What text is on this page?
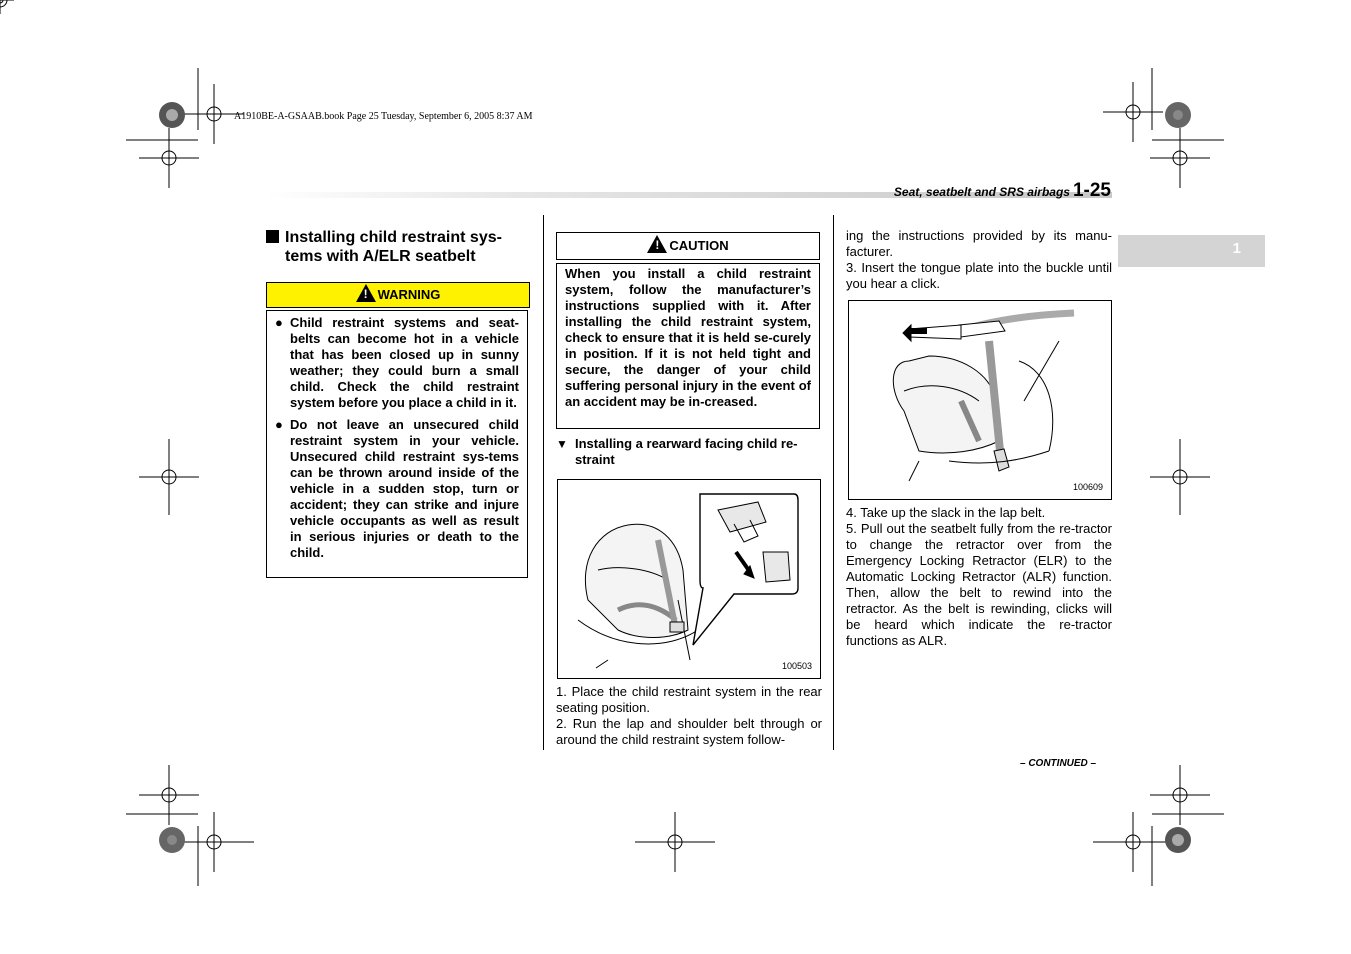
A1910BE-A-GSAAB.book Page 25 Tuesday, September 6, 2005 8:37 AM
Seat, seatbelt and SRS airbags 1-25
1
Installing child restraint sys-
tems with A/ELR seatbelt
!WARNING
● Child restraint systems and seat-belts can become hot in a vehicle that has been closed up in sunny weather; they could burn a small child. Check the child restraint system before you place a child in it.
● Do not leave an unsecured child restraint system in your vehicle. Unsecured child restraint sys-tems can be thrown around inside of the vehicle in a sudden stop, turn or accident; they can strike and injure vehicle occupants as well as result in serious injuries or death to the child.
!CAUTION
When you install a child restraint system, follow the manufacturer’s instructions supplied with it. After installing the child restraint system, check to ensure that it is held se-curely in position. If it is not held tight and secure, the danger of your child suffering personal injury in the event of an accident may be in-creased.
▼ Installing a rearward facing child re-straint
100503
1. Place the child restraint system in the rear seating position.
2. Run the lap and shoulder belt through or around the child restraint system follow-
ing the instructions provided by its manu-facturer.
3. Insert the tongue plate into the buckle until you hear a click.
100609
4. Take up the slack in the lap belt.
5. Pull out the seatbelt fully from the re-tractor to change the retractor over from the Emergency Locking Retractor (ELR) to the Automatic Locking Retractor (ALR) function. Then, allow the belt to rewind into the retractor. As the belt is rewinding, clicks will be heard which indicate the re-tractor functions as ALR.
– CONTINUED –
